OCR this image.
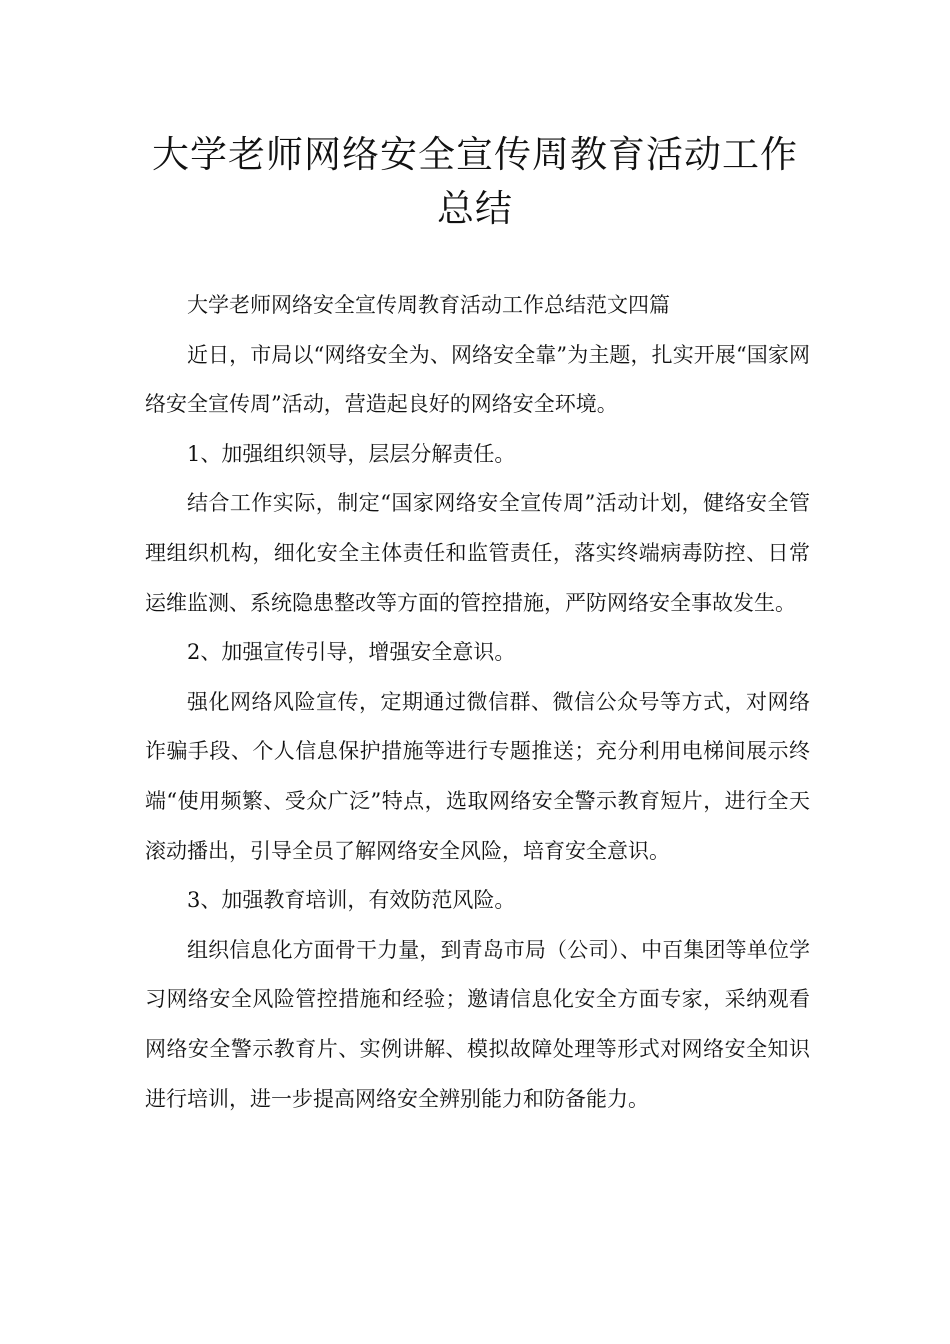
大学老师网络安全宣传周教育活动工作
总结

大学老师网络安全宣传周教育活动工作总结范文四篇

近日，市局以“网络安全为、网络安全靠”为主题，扎实开展“国家网络安全宣传周”活动，营造起良好的网络安全环境。

1、加强组织领导，层层分解责任。

结合工作实际，制定“国家网络安全宣传周”活动计划，健络安全管理组织机构，细化安全主体责任和监管责任，落实终端病毒防控、日常运维监测、系统隐患整改等方面的管控措施，严防网络安全事故发生。

2、加强宣传引导，增强安全意识。

强化网络风险宣传，定期通过微信群、微信公众号等方式，对网络诈骗手段、个人信息保护措施等进行专题推送；充分利用电梯间展示终端“使用频繁、受众广泛”特点，选取网络安全警示教育短片，进行全天滚动播出，引导全员了解网络安全风险，培育安全意识。

3、加强教育培训，有效防范风险。

组织信息化方面骨干力量，到青岛市局（公司）、中百集团等单位学习网络安全风险管控措施和经验；邀请信息化安全方面专家，采纳观看网络安全警示教育片、实例讲解、模拟故障处理等形式对网络安全知识进行培训，进一步提高网络安全辨别能力和防备能力。
